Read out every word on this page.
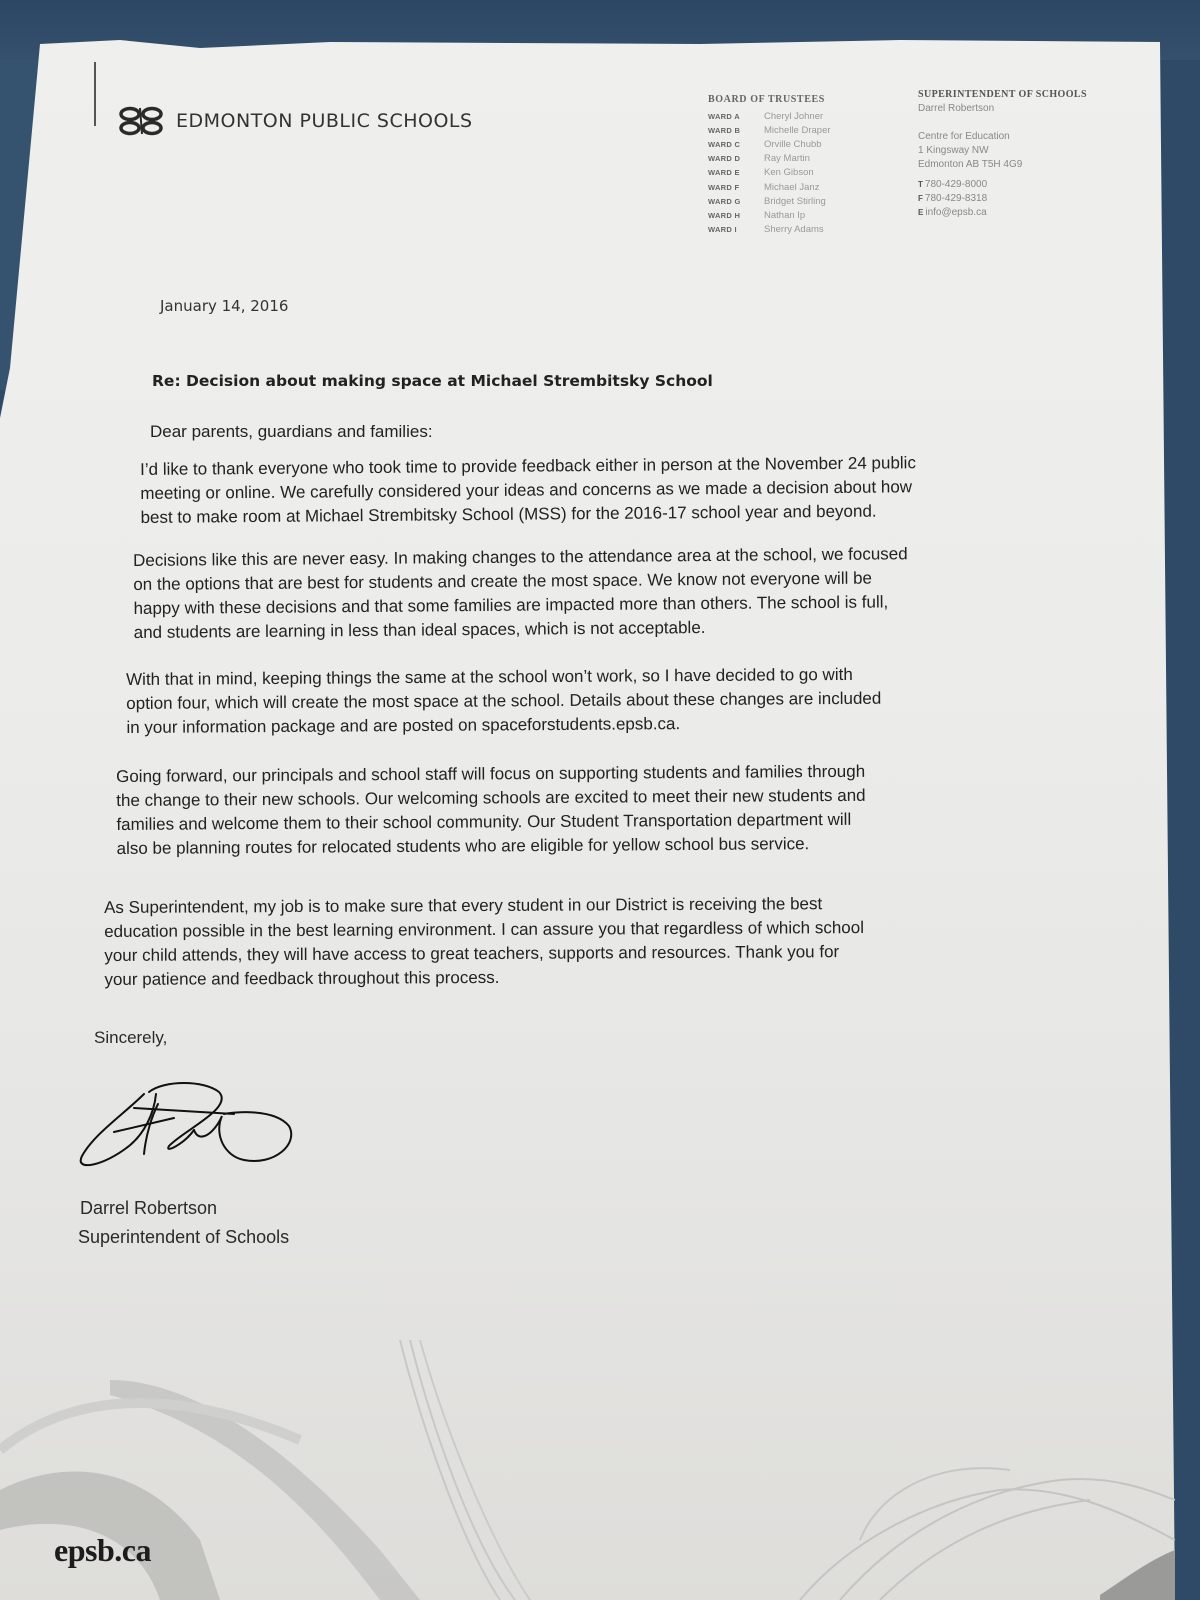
EDMONTON PUBLIC SCHOOLS
BOARD OF TRUSTEES
WARD A	Cheryl Johner
WARD B	Michelle Draper
WARD C	Orville Chubb
WARD D	Ray Martin
WARD E	Ken Gibson
WARD F	Michael Janz
WARD G	Bridget Stirling
WARD H	Nathan Ip
WARD I	Sherry Adams
SUPERINTENDENT OF SCHOOLS
Darrel Robertson
Centre for Education
1 Kingsway NW
Edmonton AB T5H 4G9
T 780-429-8000
F 780-429-8318
E info@epsb.ca
January 14, 2016
Re: Decision about making space at Michael Strembitsky School
Dear parents, guardians and families:

I’d like to thank everyone who took time to provide feedback either in person at the November 24 public

meeting or online. We carefully considered your ideas and concerns as we made a decision about how

best to make room at Michael Strembitsky School (MSS) for the 2016-17 school year and beyond.

Decisions like this are never easy. In making changes to the attendance area at the school, we focused

on the options that are best for students and create the most space. We know not everyone will be

happy with these decisions and that some families are impacted more than others. The school is full,

and students are learning in less than ideal spaces, which is not acceptable.

With that in mind, keeping things the same at the school won’t work, so I have decided to go with

option four, which will create the most space at the school. Details about these changes are included

in your information package and are posted on spaceforstudents.epsb.ca.

Going forward, our principals and school staff will focus on supporting students and families through

the change to their new schools. Our welcoming schools are excited to meet their new students and

families and welcome them to their school community. Our Student Transportation department will

also be planning routes for relocated students who are eligible for yellow school bus service.

As Superintendent, my job is to make sure that every student in our District is receiving the best

education possible in the best learning environment. I can assure you that regardless of which school

your child attends, they will have access to great teachers, supports and resources. Thank you for

your patience and feedback throughout this process.

Sincerely,
Darrel Robertson
Superintendent of Schools
epsb.ca
